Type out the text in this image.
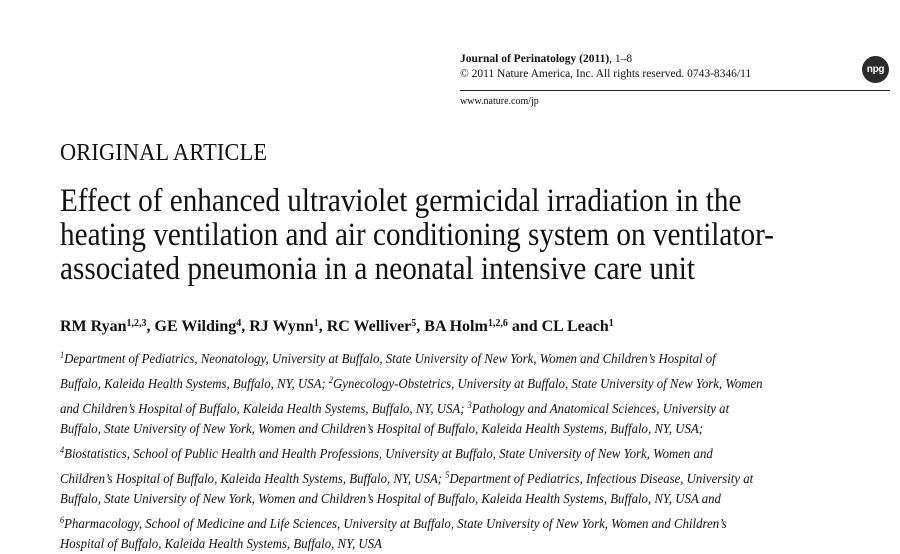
Journal of Perinatology (2011), 1–8
© 2011 Nature America, Inc. All rights reserved. 0743-8346/11	npg
www.nature.com/jp
ORIGINAL ARTICLE
Effect of enhanced ultraviolet germicidal irradiation in the
heating ventilation and air conditioning system on ventilator-
associated pneumonia in a neonatal intensive care unit
RM Ryan$^{1,2,3}$, GE Wilding$^4$, RJ Wynn$^1$, RC Welliver$^5$, BA Holm$^{1,2,6}$ and CL Leach$^1$
$^1$Department of Pediatrics, Neonatology, University at Buffalo, State University of New York, Women and Children’s Hospital of
Buffalo, Kaleida Health Systems, Buffalo, NY, USA; $^2$Gynecology-Obstetrics, University at Buffalo, State University of New York, Women
and Children’s Hospital of Buffalo, Kaleida Health Systems, Buffalo, NY, USA; $^3$Pathology and Anatomical Sciences, University at
Buffalo, State University of New York, Women and Children’s Hospital of Buffalo, Kaleida Health Systems, Buffalo, NY, USA;
$^4$Biostatistics, School of Public Health and Health Professions, University at Buffalo, State University of New York, Women and
Children’s Hospital of Buffalo, Kaleida Health Systems, Buffalo, NY, USA; $^5$Department of Pediatrics, Infectious Disease, University at
Buffalo, State University of New York, Women and Children’s Hospital of Buffalo, Kaleida Health Systems, Buffalo, NY, USA and
$^6$Pharmacology, School of Medicine and Life Sciences, University at Buffalo, State University of New York, Women and Children’s
Hospital of Buffalo, Kaleida Health Systems, Buffalo, NY, USA
